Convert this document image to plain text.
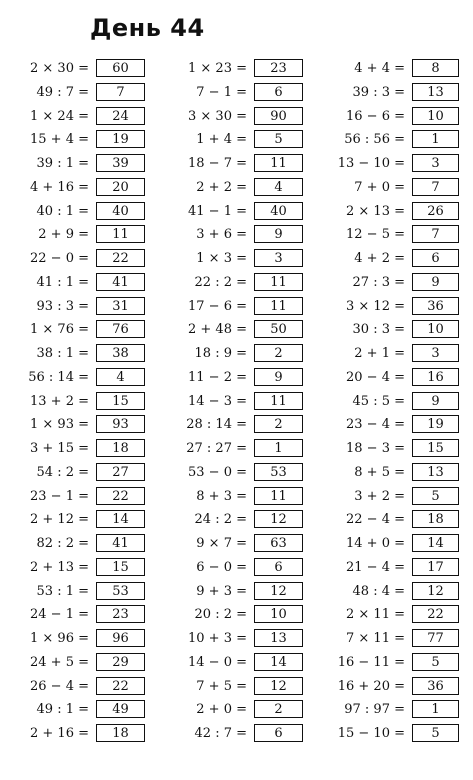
День 44
2 × 30 =	60
49 : 7 =	7
1 × 24 =	24
15 + 4 =	19
39 : 1 =	39
4 + 16 =	20
40 : 1 =	40
2 + 9 =	11
22 − 0 =	22
41 : 1 =	41
93 : 3 =	31
1 × 76 =	76
38 : 1 =	38
56 : 14 =	4
13 + 2 =	15
1 × 93 =	93
3 + 15 =	18
54 : 2 =	27
23 − 1 =	22
2 + 12 =	14
82 : 2 =	41
2 + 13 =	15
53 : 1 =	53
24 − 1 =	23
1 × 96 =	96
24 + 5 =	29
26 − 4 =	22
49 : 1 =	49
2 + 16 =	18
1 × 23 =	23
7 − 1 =	6
3 × 30 =	90
1 + 4 =	5
18 − 7 =	11
2 + 2 =	4
41 − 1 =	40
3 + 6 =	9
1 × 3 =	3
22 : 2 =	11
17 − 6 =	11
2 + 48 =	50
18 : 9 =	2
11 − 2 =	9
14 − 3 =	11
28 : 14 =	2
27 : 27 =	1
53 − 0 =	53
8 + 3 =	11
24 : 2 =	12
9 × 7 =	63
6 − 0 =	6
9 + 3 =	12
20 : 2 =	10
10 + 3 =	13
14 − 0 =	14
7 + 5 =	12
2 + 0 =	2
42 : 7 =	6
4 + 4 =	8
39 : 3 =	13
16 − 6 =	10
56 : 56 =	1
13 − 10 =	3
7 + 0 =	7
2 × 13 =	26
12 − 5 =	7
4 + 2 =	6
27 : 3 =	9
3 × 12 =	36
30 : 3 =	10
2 + 1 =	3
20 − 4 =	16
45 : 5 =	9
23 − 4 =	19
18 − 3 =	15
8 + 5 =	13
3 + 2 =	5
22 − 4 =	18
14 + 0 =	14
21 − 4 =	17
48 : 4 =	12
2 × 11 =	22
7 × 11 =	77
16 − 11 =	5
16 + 20 =	36
97 : 97 =	1
15 − 10 =	5
